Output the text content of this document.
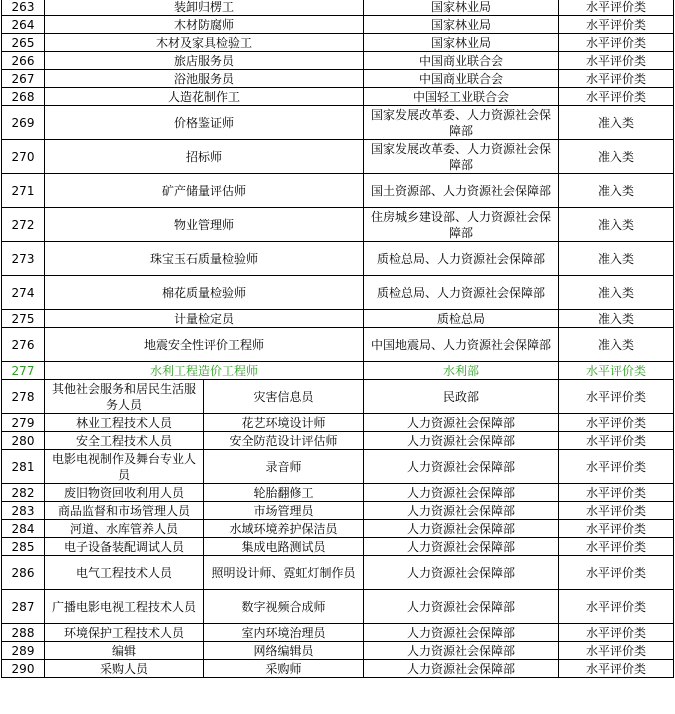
263	装卸归楞工		国家林业局	水平评价类
264	木材防腐师		国家林业局	水平评价类
265	木材及家具检验工		国家林业局	水平评价类
266	旅店服务员		中国商业联合会	水平评价类
267	浴池服务员		中国商业联合会	水平评价类
268	人造花制作工		中国轻工业联合会	水平评价类
269	价格鉴证师		国家发展改革委、人力资源社会保障部	准入类
270	招标师		国家发展改革委、人力资源社会保障部	准入类
271	矿产储量评估师		国土资源部、人力资源社会保障部	准入类
272	物业管理师		住房城乡建设部、人力资源社会保障部	准入类
273	珠宝玉石质量检验师		质检总局、人力资源社会保障部	准入类
274	棉花质量检验师		质检总局、人力资源社会保障部	准入类
275	计量检定员		质检总局	准入类
276	地震安全性评价工程师		中国地震局、人力资源社会保障部	准入类
277	水利工程造价工程师		水利部	水平评价类
278	其他社会服务和居民生活服务人员	灾害信息员	民政部	水平评价类
279	林业工程技术人员	花艺环境设计师	人力资源社会保障部	水平评价类
280	安全工程技术人员	安全防范设计评估师	人力资源社会保障部	水平评价类
281	电影电视制作及舞台专业人员	录音师	人力资源社会保障部	水平评价类
282	废旧物资回收利用人员	轮胎翻修工	人力资源社会保障部	水平评价类
283	商品监督和市场管理人员	市场管理员	人力资源社会保障部	水平评价类
284	河道、水库管养人员	水域环境养护保洁员	人力资源社会保障部	水平评价类
285	电子设备装配调试人员	集成电路测试员	人力资源社会保障部	水平评价类
286	电气工程技术人员	照明设计师、霓虹灯制作员	人力资源社会保障部	水平评价类
287	广播电影电视工程技术人员	数字视频合成师	人力资源社会保障部	水平评价类
288	环境保护工程技术人员	室内环境治理员	人力资源社会保障部	水平评价类
289	编辑	网络编辑员	人力资源社会保障部	水平评价类
290	采购人员	采购师	人力资源社会保障部	水平评价类
